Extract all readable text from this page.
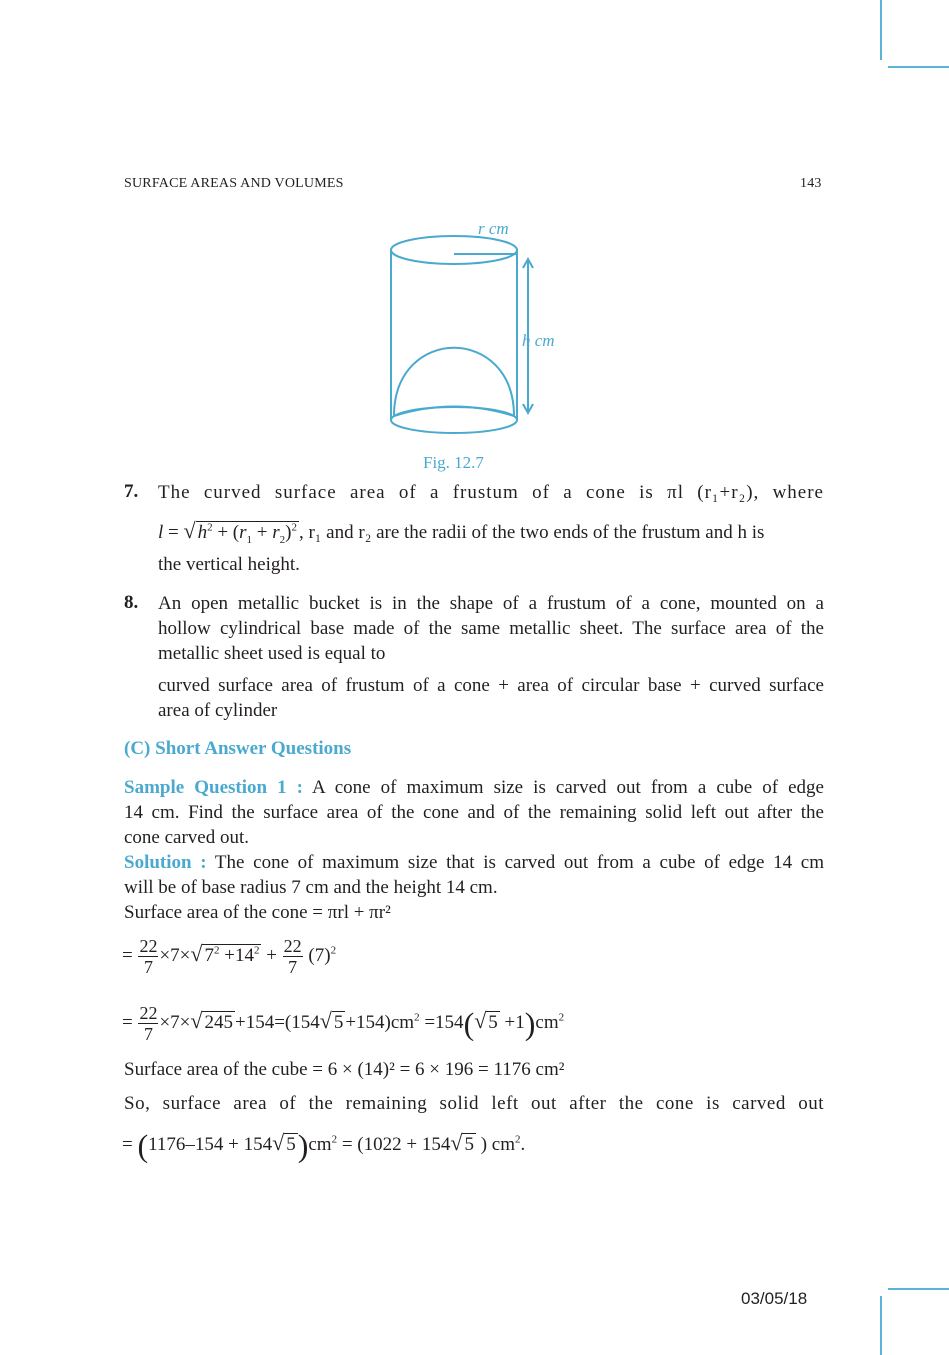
SURFACE AREAS AND VOLUMES	143
r cm
h cm
Fig. 12.7
7. The curved surface area of a frustum of a cone is πl (r₁+r₂), where
l = √ $h^2 + (r_1 + r_2)^2$ , r₁ and r₂ are the radii of the two ends of the frustum and h is
the vertical height.
8. An open metallic bucket is in the shape of a frustum of a cone, mounted on a
hollow cylindrical base made of the same metallic sheet. The surface area of the
metallic sheet used is equal to
curved surface area of frustum of a cone + area of circular base + curved surface
area of cylinder
(C) Short Answer Questions
Sample Question 1 : A cone of maximum size is carved out from a cube of edge
14 cm. Find the surface area of the cone and of the remaining solid left out after the
cone carved out.
Solution : The cone of maximum size that is carved out from a cube of edge 14 cm
will be of base radius 7 cm and the height 14 cm.
Surface area of the cone = πrl + πr²
= $\frac{22}{7} \times 7\times√$ $7^2 +14^2 + \frac{22}{7} (7)^2$
= $\frac{22}{7} \times 7\times√$ 245 +154=(154√ $5 +154)cm^2 =154(√$ $5 +1)cm^2$
Surface area of the cube = 6 × (14)² = 6 × 196 = 1176 cm²
So, surface area of the remaining solid left out after the cone is carved out
= (1176–154 + 154√ $5)cm^2 = (1022 + 154√$ 5 ) $cm^2$.
03/05/18
